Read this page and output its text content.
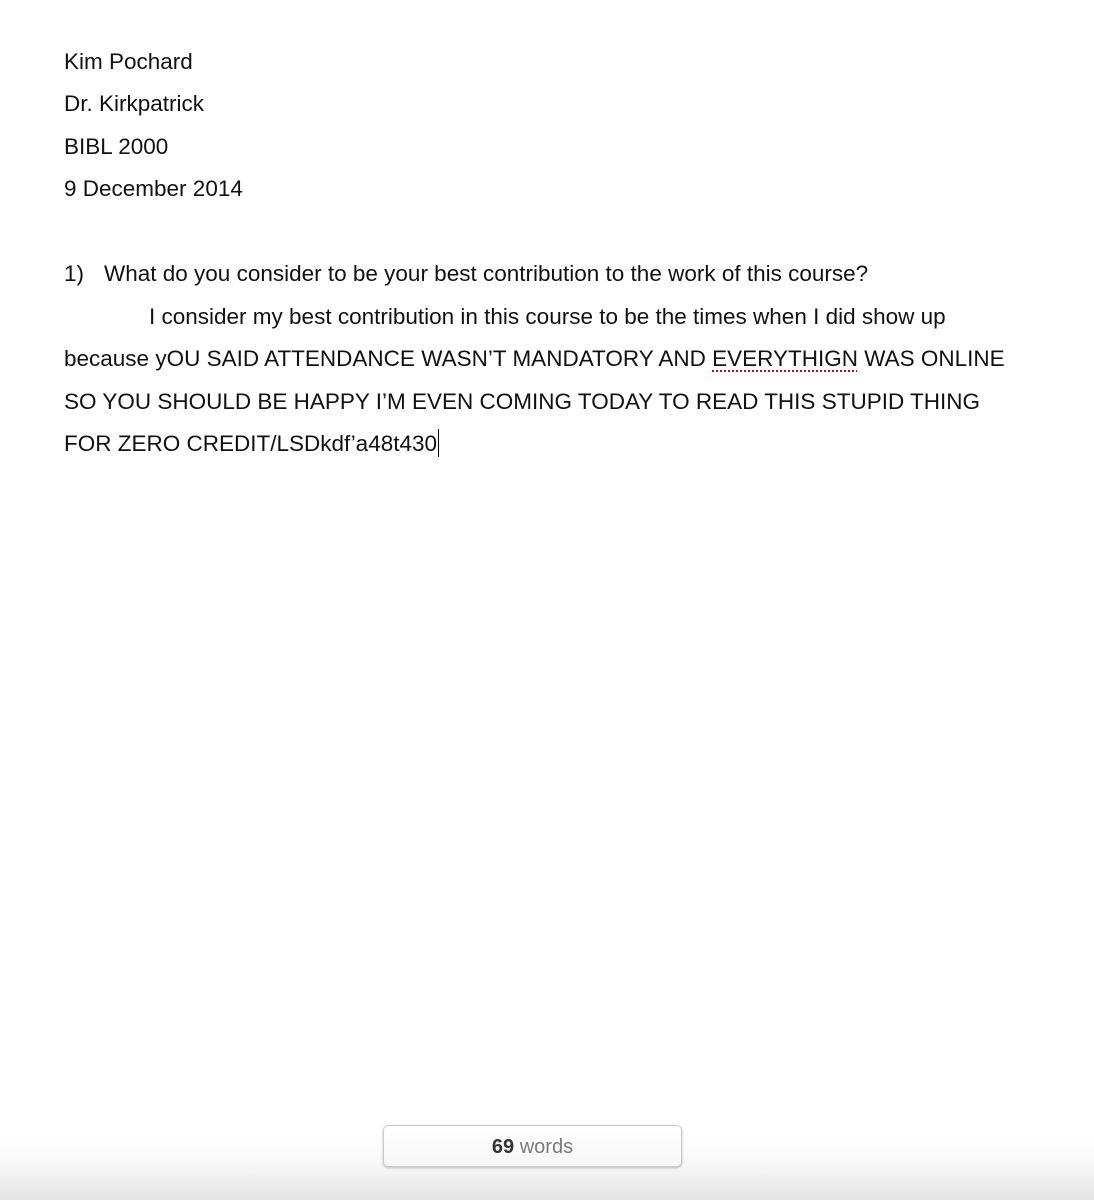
Kim Pochard

Dr. Kirkpatrick

BIBL 2000

9 December 2014

1) What do you consider to be your best contribution to the work of this course?

I consider my best contribution in this course to be the times when I did show up

because yOU SAID ATTENDANCE WASN’T MANDATORY AND EVERYTHIGN WAS ONLINE

SO YOU SHOULD BE HAPPY I’M EVEN COMING TODAY TO READ THIS STUPID THING

FOR ZERO CREDIT/LSDkdf’a48t430

69 words
